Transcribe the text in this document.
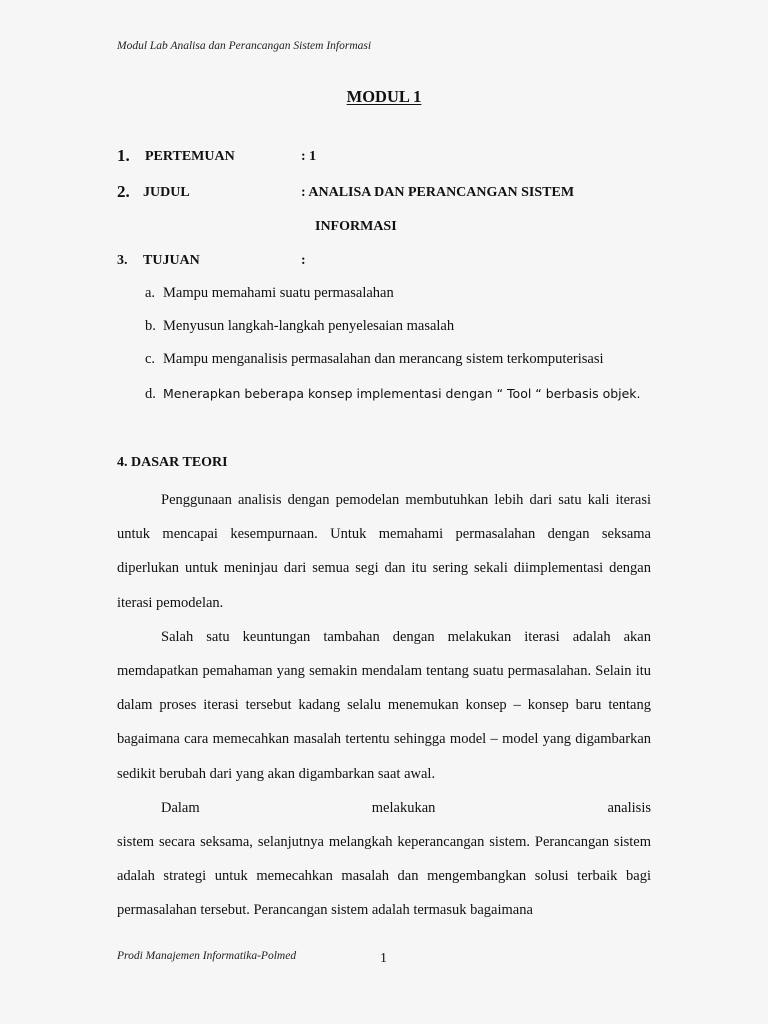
Modul Lab Analisa dan Perancangan Sistem Informasi
MODUL 1
1. PERTEMUAN	: 1
2. JUDUL	: ANALISA DAN PERANCANGAN SISTEM
INFORMASI
3. TUJUAN	:
a. Mampu memahami suatu permasalahan
b. Menyusun langkah-langkah penyelesaian masalah
c. Mampu menganalisis permasalahan dan merancang sistem terkomputerisasi
d. Menerapkan beberapa konsep implementasi dengan “ Tool “ berbasis objek.
4. DASAR TEORI

Penggunaan analisis dengan pemodelan membutuhkan lebih dari satu kali iterasi untuk mencapai kesempurnaan. Untuk memahami permasalahan dengan seksama diperlukan untuk meninjau dari semua segi dan itu sering sekali diimplementasi dengan iterasi pemodelan.

Salah satu keuntungan tambahan dengan melakukan iterasi adalah akan memdapatkan pemahaman yang semakin mendalam tentang suatu permasalahan. Selain itu dalam proses iterasi tersebut kadang selalu menemukan konsep – konsep baru tentang bagaimana cara memecahkan masalah tertentu sehingga model – model yang digambarkan sedikit berubah dari yang akan digambarkan saat awal.

Dalam melakukan analisis

sistem secara seksama, selanjutnya melangkah keperancangan sistem. Perancangan sistem adalah strategi untuk memecahkan masalah dan mengembangkan solusi terbaik bagi permasalahan tersebut. Perancangan sistem adalah termasuk bagaimana

Prodi Manajemen Informatika-Polmed	1
